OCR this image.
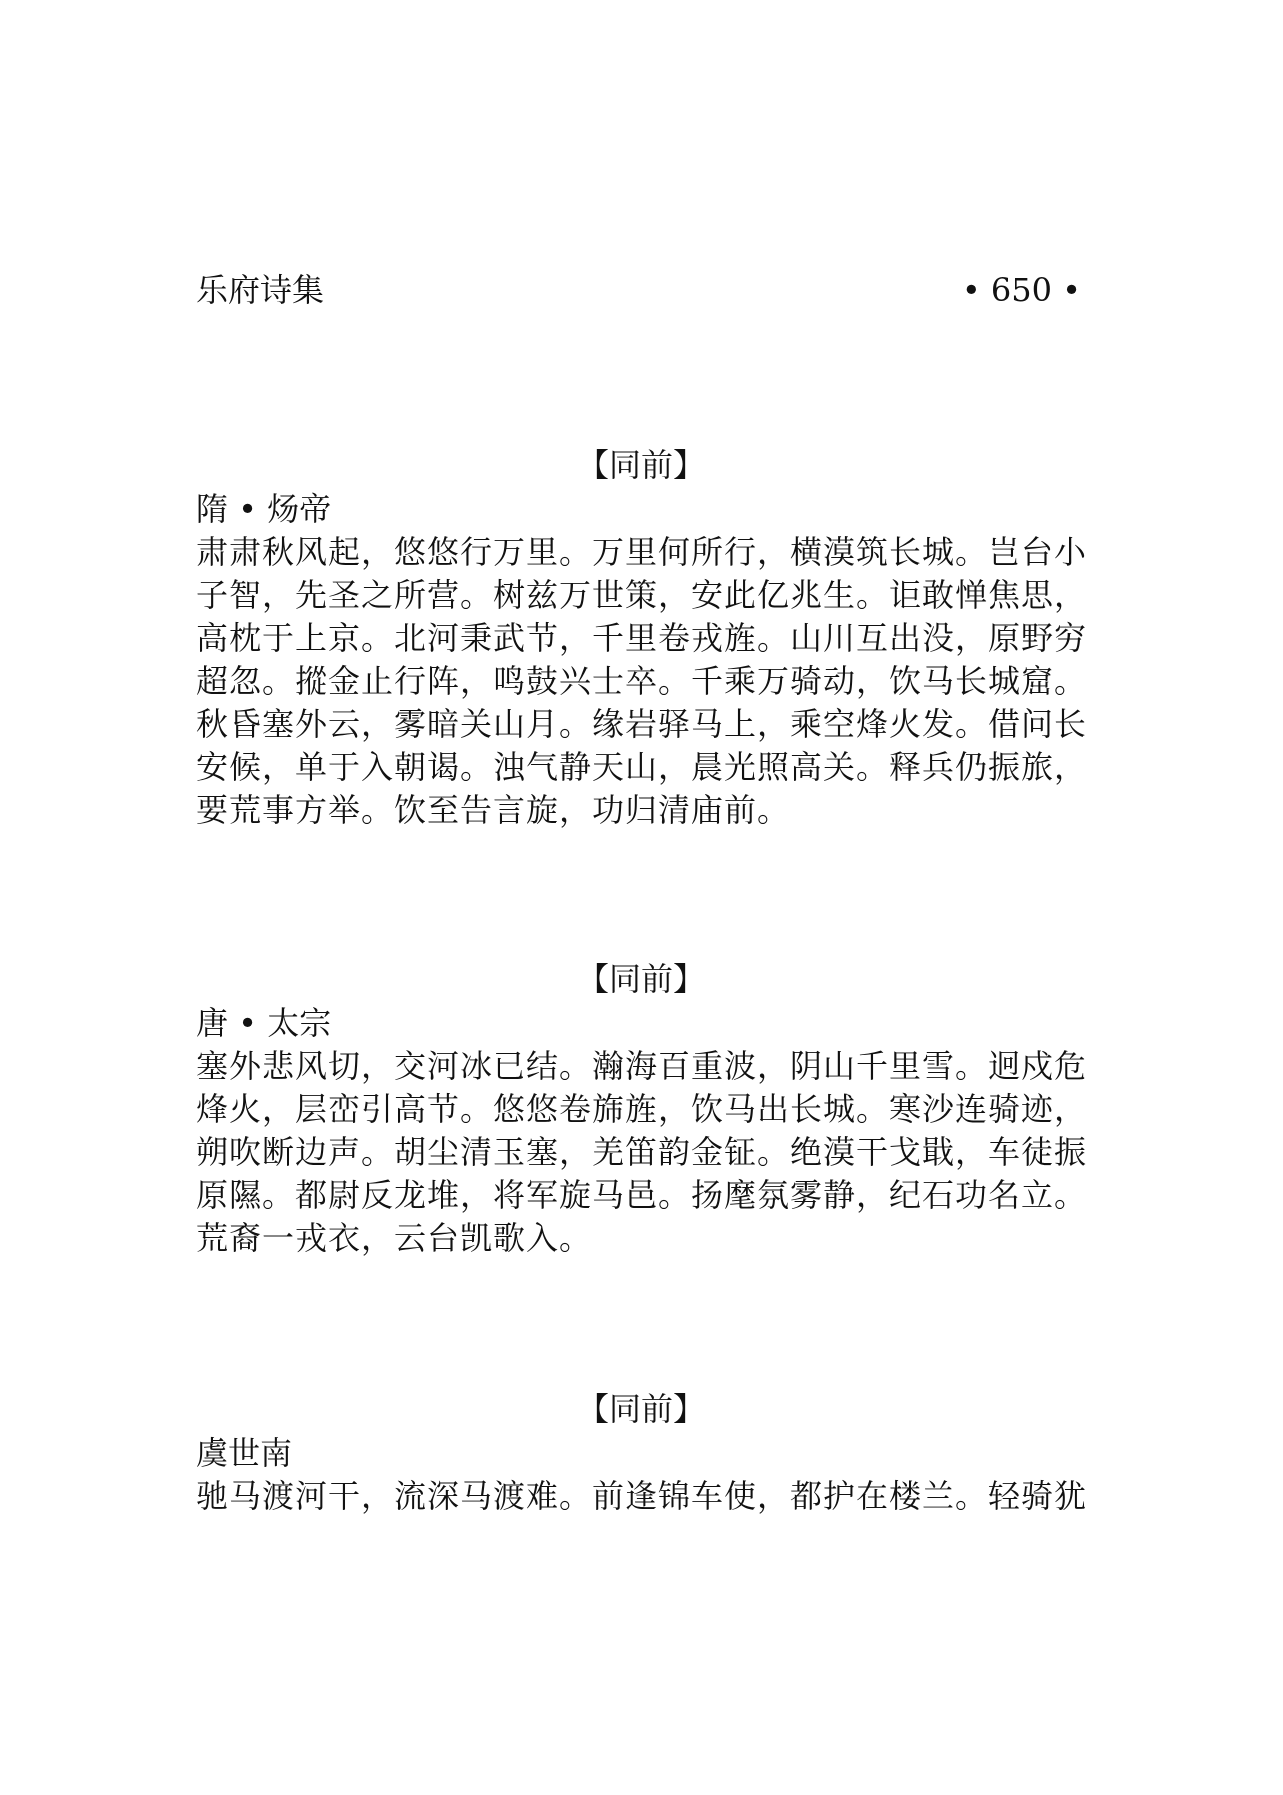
乐府诗集	• 650 •
【同前】
隋 • 炀帝
肃肃秋风起，悠悠行万里。万里何所行，横漠筑长城。岂台小
子智，先圣之所营。树兹万世策，安此亿兆生。讵敢惮焦思，
高枕于上京。北河秉武节，千里卷戎旌。山川互出没，原野穷
超忽。摐金止行阵，鸣鼓兴士卒。千乘万骑动，饮马长城窟。
秋昏塞外云，雾暗关山月。缘岩驿马上，乘空烽火发。借问长
安候，单于入朝谒。浊气静天山，晨光照高关。释兵仍振旅，
要荒事方举。饮至告言旋，功归清庙前。
【同前】
唐 • 太宗
塞外悲风切，交河冰已结。瀚海百重波，阴山千里雪。迥戍危
烽火，层峦引高节。悠悠卷旆旌，饮马出长城。寒沙连骑迹，
朔吹断边声。胡尘清玉塞，羌笛韵金钲。绝漠干戈戢，车徒振
原隰。都尉反龙堆，将军旋马邑。扬麾氛雾静，纪石功名立。
荒裔一戎衣，云台凯歌入。
【同前】
虞世南
驰马渡河干，流深马渡难。前逢锦车使，都护在楼兰。轻骑犹
